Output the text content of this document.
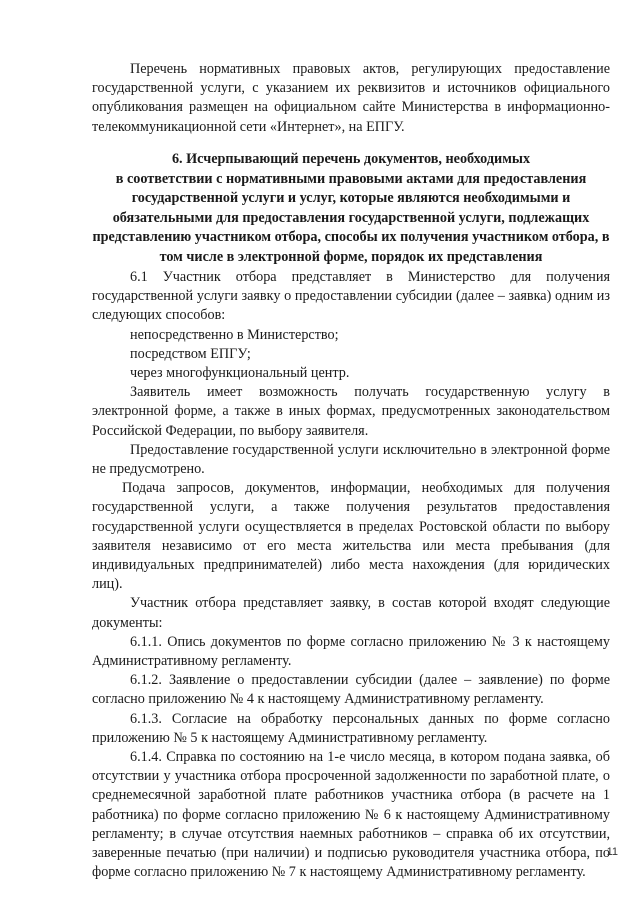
Перечень нормативных правовых актов, регулирующих предоставление государственной услуги, с указанием их реквизитов и источников официального опубликования размещен на официальном сайте Министерства в информационно-телекоммуникационной сети «Интернет», на ЕПГУ.

6. Исчерпывающий перечень документов, необходимых

в соответствии с нормативными правовыми актами для предоставления государственной услуги и услуг, которые являются необходимыми и обязательными для предоставления государственной услуги, подлежащих представлению участником отбора, способы их получения участником отбора, в том числе в электронной форме, порядок их представления

6.1 Участник отбора представляет в Министерство для получения государственной услуги заявку о предоставлении субсидии (далее – заявка) одним из следующих способов:

непосредственно в Министерство;

посредством ЕПГУ;

через многофункциональный центр.

Заявитель имеет возможность получать государственную услугу в электронной форме, а также в иных формах, предусмотренных законодательством Российской Федерации, по выбору заявителя.

Предоставление государственной услуги исключительно в электронной форме не предусмотрено.

Подача запросов, документов, информации, необходимых для получения государственной услуги, а также получения результатов предоставления государственной услуги осуществляется в пределах Ростовской области по выбору заявителя независимо от его места жительства или места пребывания (для индивидуальных предпринимателей) либо места нахождения (для юридических лиц).

Участник отбора представляет заявку, в состав которой входят следующие документы:

6.1.1. Опись документов по форме согласно приложению № 3 к настоящему Административному регламенту.

6.1.2. Заявление о предоставлении субсидии (далее – заявление) по форме согласно приложению № 4 к настоящему Административному регламенту.

6.1.3. Согласие на обработку персональных данных по форме согласно приложению № 5 к настоящему Административному регламенту.

6.1.4. Справка по состоянию на 1-е число месяца, в котором подана заявка, об отсутствии у участника отбора просроченной задолженности по заработной плате, о среднемесячной заработной плате работников участника отбора (в расчете на 1 работника) по форме согласно приложению № 6 к настоящему Административному регламенту; в случае отсутствия наемных работников – справка об их отсутствии, заверенные печатью (при наличии) и подписью руководителя участника отбора, по форме согласно приложению № 7 к настоящему Административному регламенту.

11
